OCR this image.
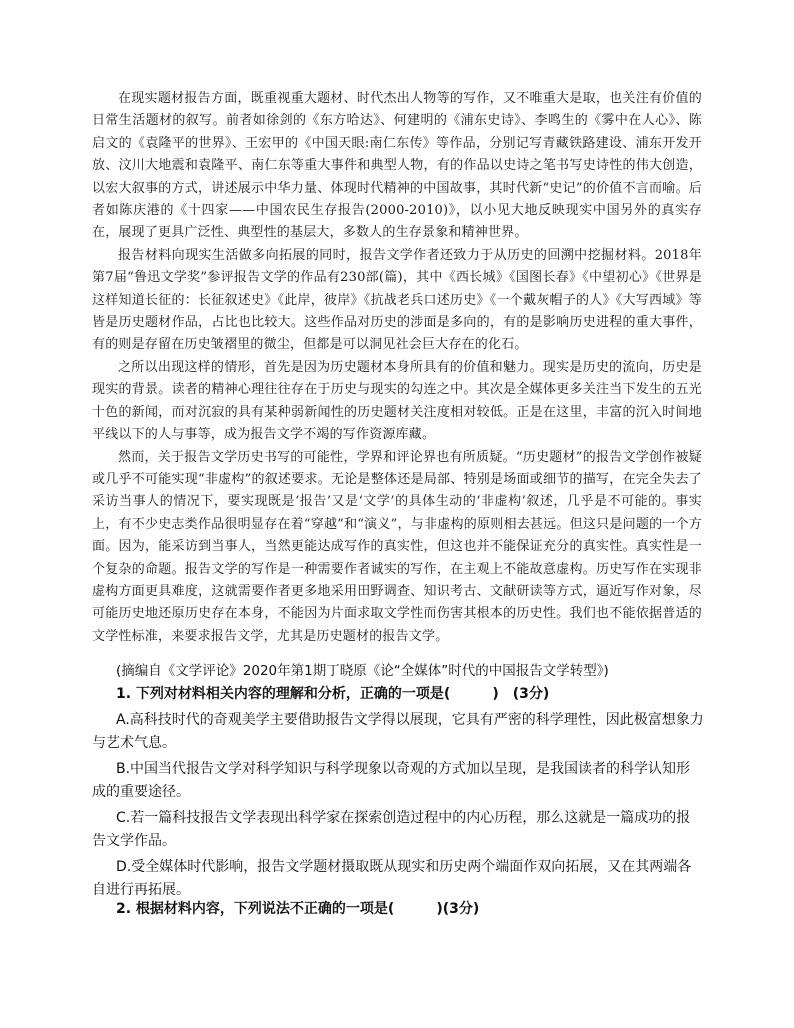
在现实题材报告方面，既重视重大题材、时代杰出人物等的写作，又不唯重大是取，也关注有价值的日常生活题材的叙写。前者如徐剑的《东方哈达》、何建明的《浦东史诗》、李鸣生的《雾中在人心》、陈启文的《袁隆平的世界》、王宏甲的《中国天眼:南仁东传》等作品，分别记写青藏铁路建设、浦东开发开放、汶川大地震和袁隆平、南仁东等重大事件和典型人物，有的作品以史诗之笔书写史诗性的伟大创造，以宏大叙事的方式，讲述展示中华力量、体现时代精神的中国故事，其时代新“史记”的价值不言而喻。后者如陈庆港的《十四家——中国农民生存报告(2000-2010)》，以小见大地反映现实中国另外的真实存在，展现了更具广泛性、典型性的基层大，多数人的生存景象和精神世界。

报告材料向现实生活做多向拓展的同时，报告文学作者还致力于从历史的回溯中挖掘材料。2018年第7届“鲁迅文学奖”参评报告文学的作品有230部(篇)，其中《西长城》《国图长春》《中望初心》《世界是这样知道长征的：长征叙述史》《此岸，彼岸》《抗战老兵口述历史》《一个戴灰帽子的人》《大写西域》等皆是历史题材作品，占比也比较大。这些作品对历史的涉面是多向的，有的是影响历史进程的重大事件，有的则是存留在历史皱褶里的微尘，但都是可以洞见社会巨大存在的化石。

之所以出现这样的情形，首先是因为历史题材本身所具有的价值和魅力。现实是历史的流向，历史是现实的背景。读者的精神心理往往存在于历史与现实的勾连之中。其次是全媒体更多关注当下发生的五光十色的新闻，而对沉寂的具有某种弱新闻性的历史题材关注度相对较低。正是在这里，丰富的沉入时间地平线以下的人与事等，成为报告文学不竭的写作资源库藏。

然而，关于报告文学历史书写的可能性，学界和评论界也有所质疑。“历史题材”的报告文学创作被疑或几乎不可能实现“非虚构”的叙述要求。无论是整体还是局部、特别是场面或细节的描写，在完全失去了采访当事人的情况下，要实现既是‘报告’又是‘文学’的具体生动的‘非虚构’叙述，几乎是不可能的。事实上，有不少史志类作品很明显存在着“穿越”和“演义”，与非虚构的原则相去甚远。但这只是问题的一个方面。因为，能采访到当事人，当然更能达成写作的真实性，但这也并不能保证充分的真实性。真实性是一个复杂的命题。报告文学的写作是一种需要作者诚实的写作，在主观上不能故意虚构。历史写作在实现非虚构方面更具难度，这就需要作者更多地采用田野调查、知识考古、文献研读等方式，逼近写作对象，尽可能历史地还原历史存在本身，不能因为片面求取文学性而伤害其根本的历史性。我们也不能依据普适的文学性标准，来要求报告文学，尤其是历史题材的报告文学。

(摘编自《文学评论》2020年第1期丁晓原《论“全媒体”时代的中国报告文学转型》)
1. 下列对材料相关内容的理解和分析，正确的一项是(　　　)　(3分)

A.高科技时代的奇观美学主要借助报告文学得以展现，它具有严密的科学理性，因此极富想象力与艺术气息。

B.中国当代报告文学对科学知识与科学现象以奇观的方式加以呈现，是我国读者的科学认知形成的重要途径。

C.若一篇科技报告文学表现出科学家在探索创造过程中的内心历程，那么这就是一篇成功的报告文学作品。

D.受全媒体时代影响，报告文学题材摄取既从现实和历史两个端面作双向拓展，又在其两端各自进行再拓展。

2. 根据材料内容，下列说法不正确的一项是(　　　)(3分)
